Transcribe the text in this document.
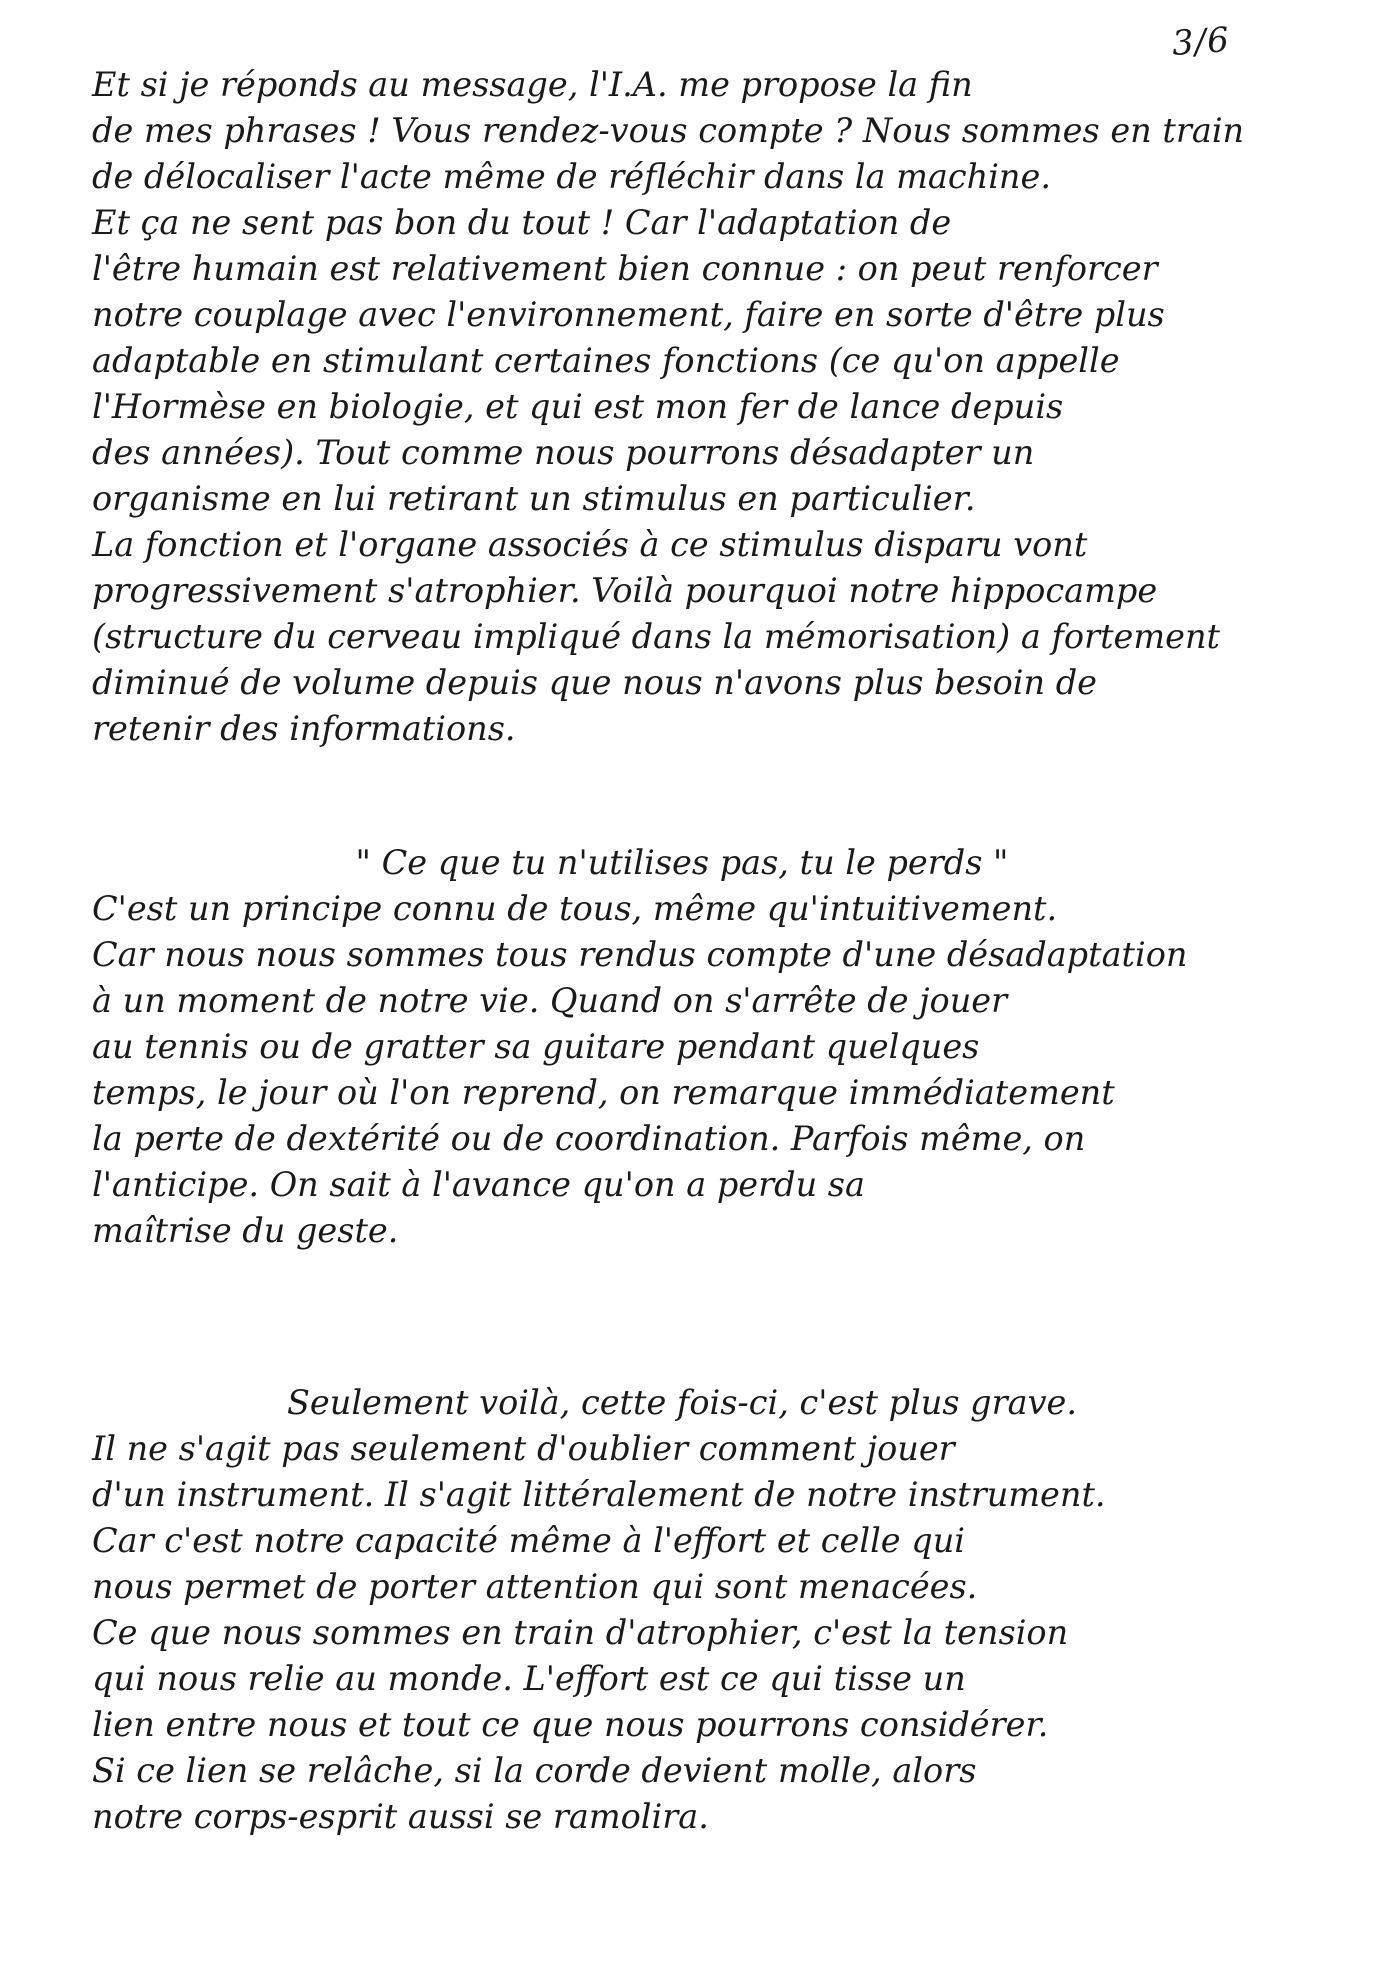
3/6
Et si je réponds au message, l'I.A. me propose la fin
de mes phrases ! Vous rendez-vous compte ? Nous sommes en train
de délocaliser l'acte même de réfléchir dans la machine.
Et ça ne sent pas bon du tout ! Car l'adaptation de
l'être humain est relativement bien connue : on peut renforcer
notre couplage avec l'environnement, faire en sorte d'être plus
adaptable en stimulant certaines fonctions (ce qu'on appelle
l'Hormèse en biologie, et qui est mon fer de lance depuis
des années). Tout comme nous pourrons désadapter un
organisme en lui retirant un stimulus en particulier.
La fonction et l'organe associés à ce stimulus disparu vont
progressivement s'atrophier. Voilà pourquoi notre hippocampe
(structure du cerveau impliqué dans la mémorisation) a fortement
diminué de volume depuis que nous n'avons plus besoin de
retenir des informations.
" Ce que tu n'utilises pas, tu le perds "
C'est un principe connu de tous, même qu'intuitivement.
Car nous nous sommes tous rendus compte d'une désadaptation
à un moment de notre vie. Quand on s'arrête de jouer
au tennis ou de gratter sa guitare pendant quelques
temps, le jour où l'on reprend, on remarque immédiatement
la perte de dextérité ou de coordination. Parfois même, on
l'anticipe. On sait à l'avance qu'on a perdu sa
maîtrise du geste.
Seulement voilà, cette fois-ci, c'est plus grave.
Il ne s'agit pas seulement d'oublier comment jouer
d'un instrument. Il s'agit littéralement de notre instrument.
Car c'est notre capacité même à l'effort et celle qui
nous permet de porter attention qui sont menacées.
Ce que nous sommes en train d'atrophier, c'est la tension
qui nous relie au monde. L'effort est ce qui tisse un
lien entre nous et tout ce que nous pourrons considérer.
Si ce lien se relâche, si la corde devient molle, alors
notre corps-esprit aussi se ramolira.
